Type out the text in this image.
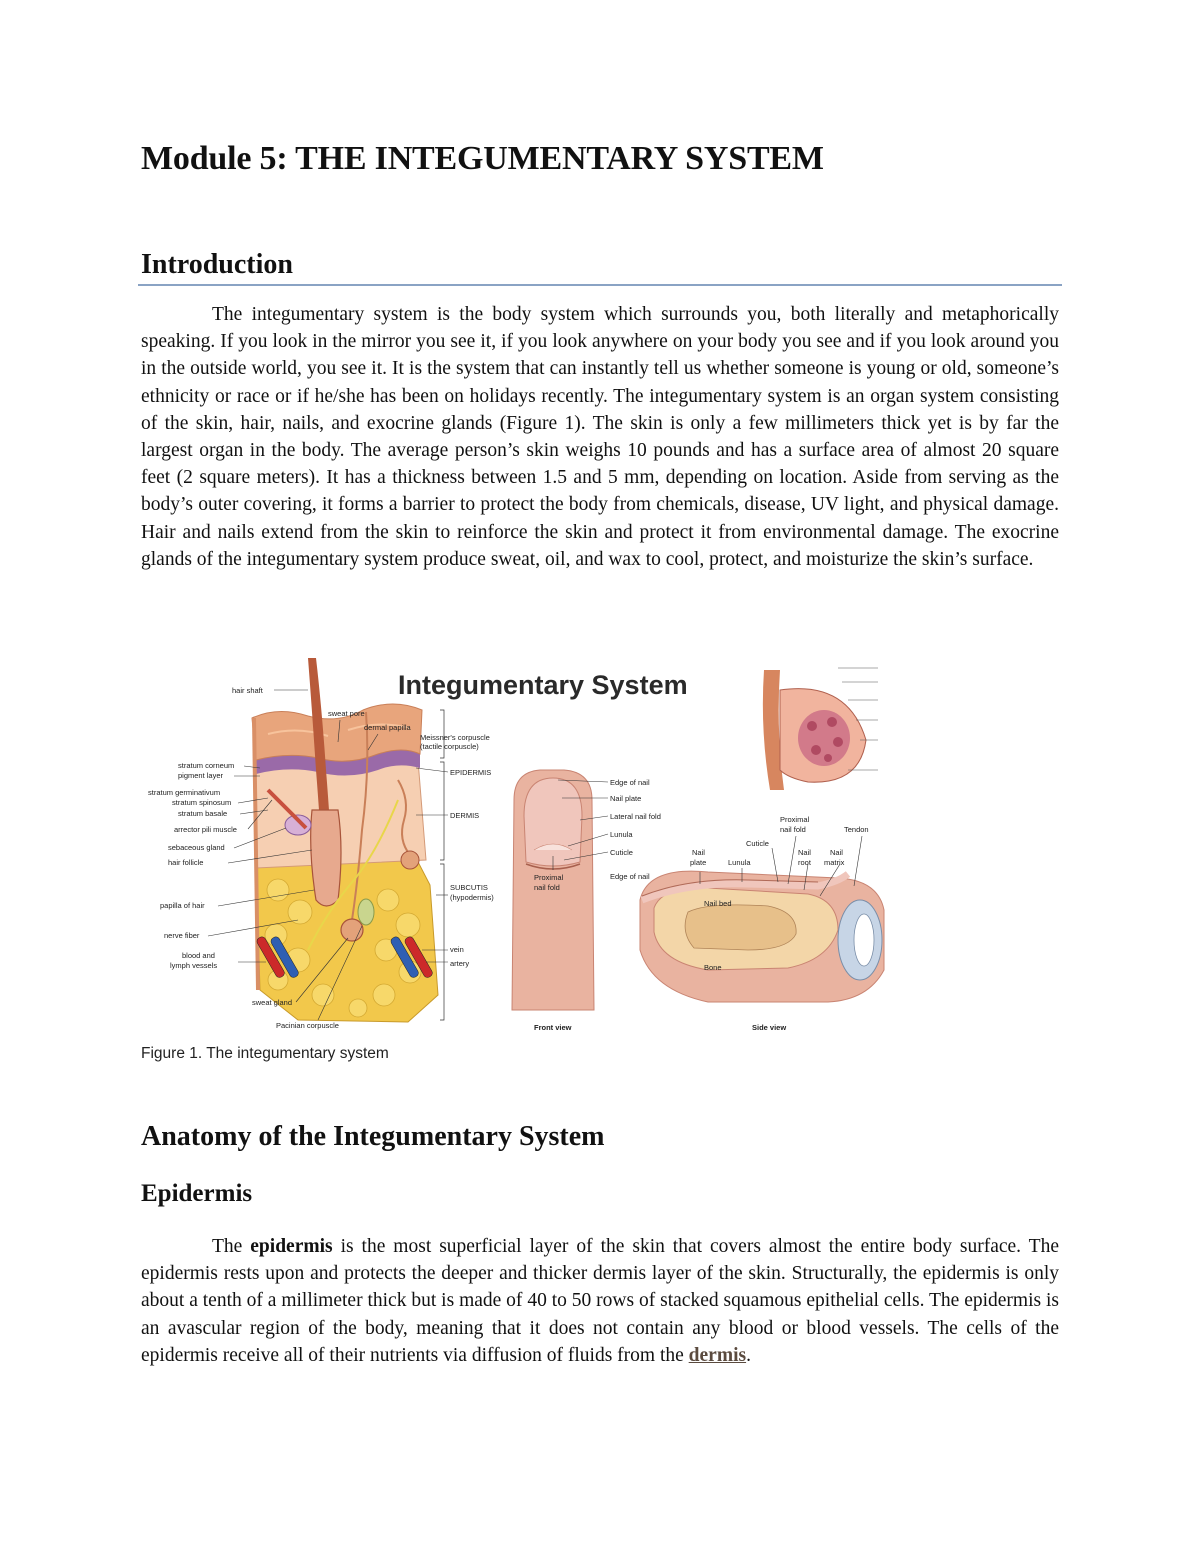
Module 5: THE INTEGUMENTARY SYSTEM
Introduction

The integumentary system is the body system which surrounds you, both literally and metaphorically speaking. If you look in the mirror you see it, if you look anywhere on your body you see and if you look around you in the outside world, you see it. It is the system that can instantly tell us whether someone is young or old, someone’s ethnicity or race or if he/she has been on holidays recently. The integumentary system is an organ system consisting of the skin, hair, nails, and exocrine glands (Figure 1). The skin is only a few millimeters thick yet is by far the largest organ in the body. The average person’s skin weighs 10 pounds and has a surface area of almost 20 square feet (2 square meters). It has a thickness between 1.5 and 5 mm, depending on location. Aside from serving as the body’s outer covering, it forms a barrier to protect the body from chemicals, disease, UV light, and physical damage. Hair and nails extend from the skin to reinforce the skin and protect it from environmental damage. The exocrine glands of the integumentary system produce sweat, oil, and wax to cool, protect, and moisturize the skin’s surface.

hair shaft
stratum corneum
pigment layer
stratum germinativum
stratum spinosum
stratum basale
arrector pili muscle
sebaceous gland
hair follicle
papilla of hair
nerve fiber
blood and
lymph vessels
sweat gland
Pacinian corpuscle
sweat pore
dermal papilla
Meissner's corpuscle
(tactile corpuscle)
EPIDERMIS
DERMIS
SUBCUTIS
(hypodermis)
vein
artery
Integumentary System
Edge of nail
Nail plate
Lateral nail fold
Lunula
Cuticle
Edge of nail
Proximal
nail fold
Front view
Nail
plate	Lunula
Cuticle
Proximal
nail fold
Nail
root
Nail
matrix
Tendon
Nail bed
Bone
Side view

Figure 1. The integumentary system

Anatomy of the Integumentary System
Epidermis

The epidermis is the most superficial layer of the skin that covers almost the entire body surface. The epidermis rests upon and protects the deeper and thicker dermis layer of the skin. Structurally, the epidermis is only about a tenth of a millimeter thick but is made of 40 to 50 rows of stacked squamous epithelial cells. The epidermis is an avascular region of the body, meaning that it does not contain any blood or blood vessels. The cells of the epidermis receive all of their nutrients via diffusion of fluids from the dermis.
